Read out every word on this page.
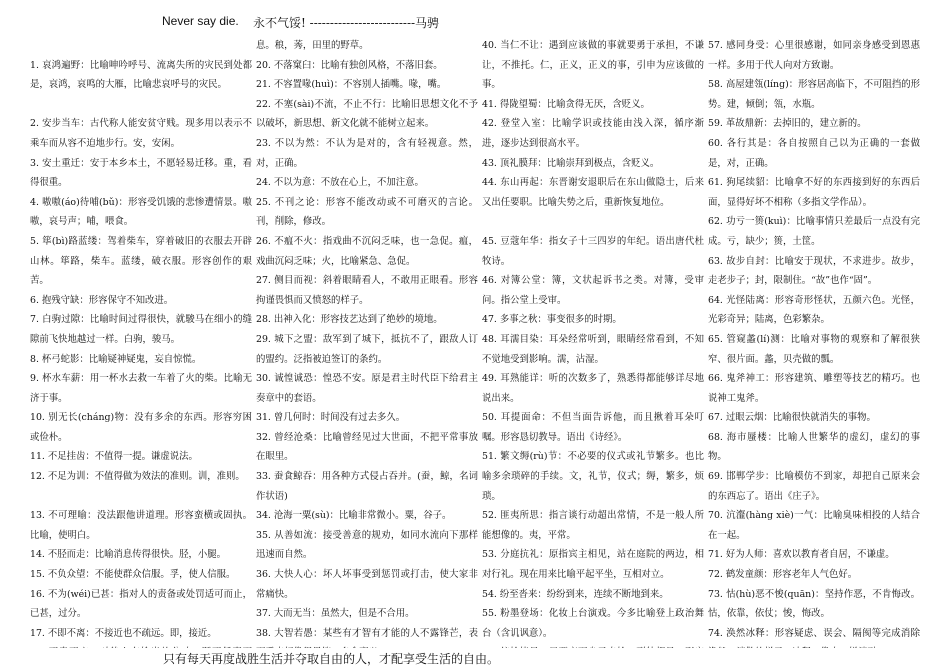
Never say die. 永不气馁! --------------------------马骋

1. 哀鸿遍野：比喻呻吟呼号、流离失所的灾民到处都是，哀鸿，哀鸣的大雁，比喻悲哀呼号的灾民。

2. 安步当车：古代称人能安贫守贱。现多用以表示不乘车而从容不迫地步行。安，安闲。

3. 安土重迁：安于本乡本土，不愿轻易迁移。重，看得很重。

4. 嗷嗷(áo)待哺(bǔ)：形容受饥饿的悲惨遭情景。嗷嗷，哀号声；哺，喂食。

5. 筚(bì)路蓝缕：驾着柴车，穿着破旧的衣服去开辟山林。筚路，柴车。蓝缕，破衣服。形容创作的艰苦。

6. 抱残守缺：形容保守不知改进。

7. 白驹过隙：比喻时间过得很快，就駿马在细小的缝隙前飞快地越过一样。白驹，骏马。

8. 杯弓蛇影：比喻疑神疑鬼，妄自惊慌。

9. 杯水车薪：用一杯水去救一车着了火的柴。比喻无济于事。

10. 别无长(cháng)物：没有多余的东西。形容穷困或俭朴。

11. 不足挂齿：不值得一提。谦虚说法。

12. 不足为训：不值得做为效法的准则。训，准则。

13. 不可理喻：没法跟他讲道理。形容蛮横或固执。比喻，使明白。

14. 不胫而走：比喻消息传得很快。胫，小腿。

15. 不负众望：不能使群众信服。孚，使人信服。

16. 不为(wéi)已甚：指对人的责备或处罚适可而止，已甚，过分。

17. 不即不离：不接近也不疏远。即，接近。

息。稂，莠，田里的野草。

20. 不落窠臼：比喻有独创风格，不落旧套。

21. 不容置喙(huì)：不容别人插嘴。喙，嘴。

22. 不塞(sài)不流，不止不行：比喻旧思想文化不予以破坏，新思想、新文化就不能树立起来。

23. 不以为然：不认为是对的，含有轻视意。然，对，正确。

24. 不以为意：不放在心上，不加注意。

25. 不刊之论：形容不能改动或不可磨灭的言论。刊，削除，修改。

26. 不瘟不火：指戏曲不沉闷乏味，也一急促。瘟，戏曲沉闷乏味；火，比喻紧急、急促。

27. 侧目而视：斜着眼睛看人，不敢用正眼看。形容拘谨畏惧而又愤怒的样子。

28. 出神入化：形容技艺达到了绝妙的境地。

29. 城下之盟：敌军到了城下，抵抗不了，跟敌人订的盟约。泛指被迫签订的条约。

30. 诚惶诚恐：惶恐不安。原是君主时代臣下给君主奏章中的套语。

31. 曾几何时：时间没有过去多久。

32. 曾经沧桑：比喻曾经见过大世面，不把平常事放在眼里。

33. 蚕食鲸吞：用各种方式侵占吞并。(蚕，鲸，名词作状语)

34. 沧海一粟(sù)：比喻非常微小。粟，谷子。

35. 从善如流：接受善意的规劝，如同水流向下那样迅速而自然。

36. 大快人心：坏人坏事受到惩罚或打击，使大家非常痛快。

37. 大而无当：虽然大，但是不合用。

38. 大智若愚：某些有才智有才能的人不露锋芒，表

40. 当仁不让：遇到应该做的事就要勇于承担，不谦让，不推托。仁，正义，正义的事，引申为应该做的事。

41. 得陇望蜀：比喻贪得无厌，含贬义。

42. 登堂入室：比喻学识或技能由浅入深，循序渐进，逐步达到很高水平。

43. 顶礼膜拜：比喻崇拜到极点，含贬义。

44. 东山再起：东晋谢安退职后在东山做隐士，后来又出任要职。比喻失势之后，重新恢复地位。

45. 豆蔻年华：指女子十三四岁的年纪。语出唐代杜牧诗。

46. 对簿公堂：簿，文状起诉书之类。对簿，受审问。指公堂上受审。

47. 多事之秋：事变很多的时期。

48. 耳濡目染：耳朵经常听到，眼睛经常看到，不知不觉地受到影响。濡，沾湿。

49. 耳熟能详：听的次数多了，熟悉得都能够详尽地说出来。

50. 耳提面命：不但当面告诉他，而且揪着耳朵叮嘱。形容恳切教导。语出《诗经》。

51. 繁文缛(rù)节：不必要的仪式或礼节繁多。也比喻多余琐碎的手续。文，礼节，仪式；缛，繁多，烦琐。

52. 匪夷所思：指言谈行动超出常情，不是一般人所能想像的。夷，平常。

53. 分庭抗礼：原指宾主相见，站在庭院的两边，相对行礼。现在用来比喻平起平坐，互相对立。

54. 纷至沓来：纷纷到来，连续不断地到来。

55. 粉墨登场：化妆上台演戏。今多比喻登上政治舞台（含讥讽意）。

57. 感同身受：心里很感谢，如同亲身感受到恩惠一样。多用于代人向对方致谢。

58. 高屋建瓴(líng)：形容居高临下，不可阻挡的形势。建，倾倒；瓴，水瓶。

59. 革故鼎新：去掉旧的，建立新的。

60. 各行其是：各自按照自己以为正确的一套做是，对，正确。

61. 狗尾续貂：比喻拿不好的东西接到好的东西后面，显得好坏不相称（多指文学作品）。

62. 功亏一篑(kuì)：比喻事情只差最后一点没有完成。亏，缺少；篑，土筐。

63. 故步自封：比喻安于现状，不求进步。故步，走老步子；封，限制住。“故”也作“固”。

64. 光怪陆离：形容奇形怪状，五颜六色。光怪，光彩奇异；陆离，色彩繁杂。

65. 管窥蠡(lí)测：比喻对事物的观察和了解很狭窄、很片面。蠡，贝壳做的瓢。

66. 鬼斧神工：形容建筑、雕塑等技艺的精巧。也说神工鬼斧。

67. 过眼云烟：比喻很快就消失的事物。

68. 海市蜃楼：比喻人世繁华的虚幻，虚幻的事物。

69. 邯郸学步：比喻模仿不到家，却把自己原来会的东西忘了。语出《庄子》。

70. 沆瀣(hàng xiè)一气：比喻臭味相投的人结合在一起。

71. 好为人师：喜欢以教育者自居，不谦虚。

72. 鹤发童颜：形容老年人气色好。

73. 怙(hù)恶不悛(quān)：坚持作恶，不肯悔改。怙，依靠，依仗；悛，悔改。

74. 涣然冰释：形容疑虑、误会、隔阂等完成消除

只有每天再度战胜生活并夺取自由的人，才配享受生活的自由。
